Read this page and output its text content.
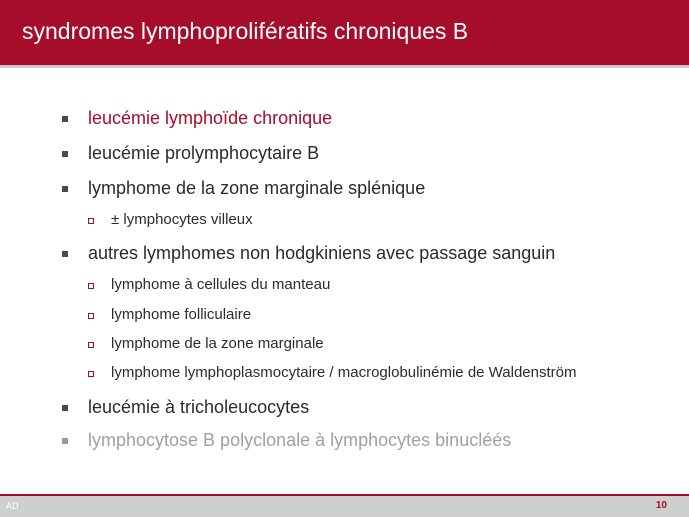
syndromes lymphoprolifératifs chroniques B
leucémie lymphoïde chronique
leucémie prolymphocytaire B
lymphome de la zone marginale splénique
± lymphocytes villeux
autres lymphomes non hodgkiniens avec passage sanguin
lymphome à cellules du manteau
lymphome folliculaire
lymphome de la zone marginale
lymphome lymphoplasmocytaire / macroglobulinémie de Waldenström
leucémie à tricholeucocytes
lymphocytose B polyclonale à lymphocytes binucléés
AD	10
